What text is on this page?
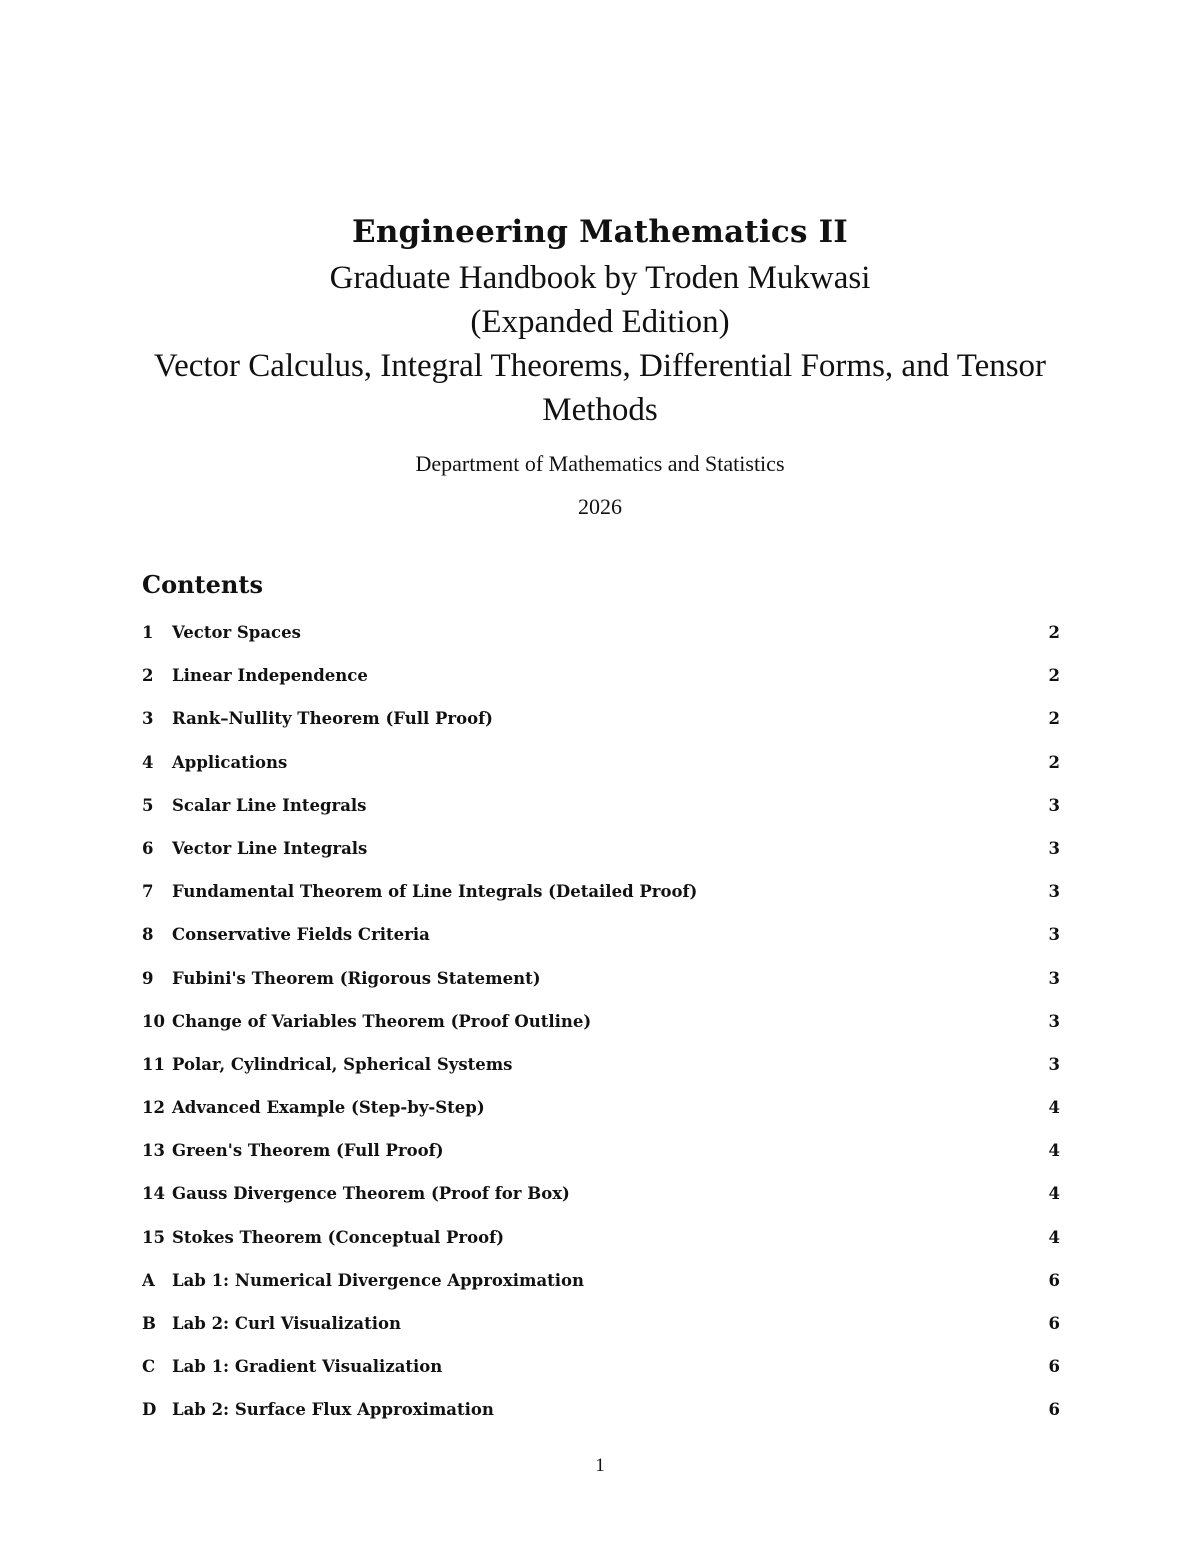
Engineering Mathematics II

Graduate Handbook by Troden Mukwasi

(Expanded Edition)

Vector Calculus, Integral Theorems, Differential Forms, and Tensor

Methods

Department of Mathematics and Statistics
2026
Contents
1	Vector Spaces	2
2	Linear Independence	2
3	Rank–Nullity Theorem (Full Proof)	2
4	Applications	2
5	Scalar Line Integrals	3
6	Vector Line Integrals	3
7	Fundamental Theorem of Line Integrals (Detailed Proof)	3
8	Conservative Fields Criteria	3
9	Fubini's Theorem (Rigorous Statement)	3
10 Change of Variables Theorem (Proof Outline)	3
11 Polar, Cylindrical, Spherical Systems	3
12 Advanced Example (Step-by-Step)	4
13 Green's Theorem (Full Proof)	4
14 Gauss Divergence Theorem (Proof for Box)	4
15 Stokes Theorem (Conceptual Proof)	4
A	Lab 1: Numerical Divergence Approximation	6
B Lab 2: Curl Visualization	6
C	Lab 1: Gradient Visualization	6
D Lab 2: Surface Flux Approximation	6
1
